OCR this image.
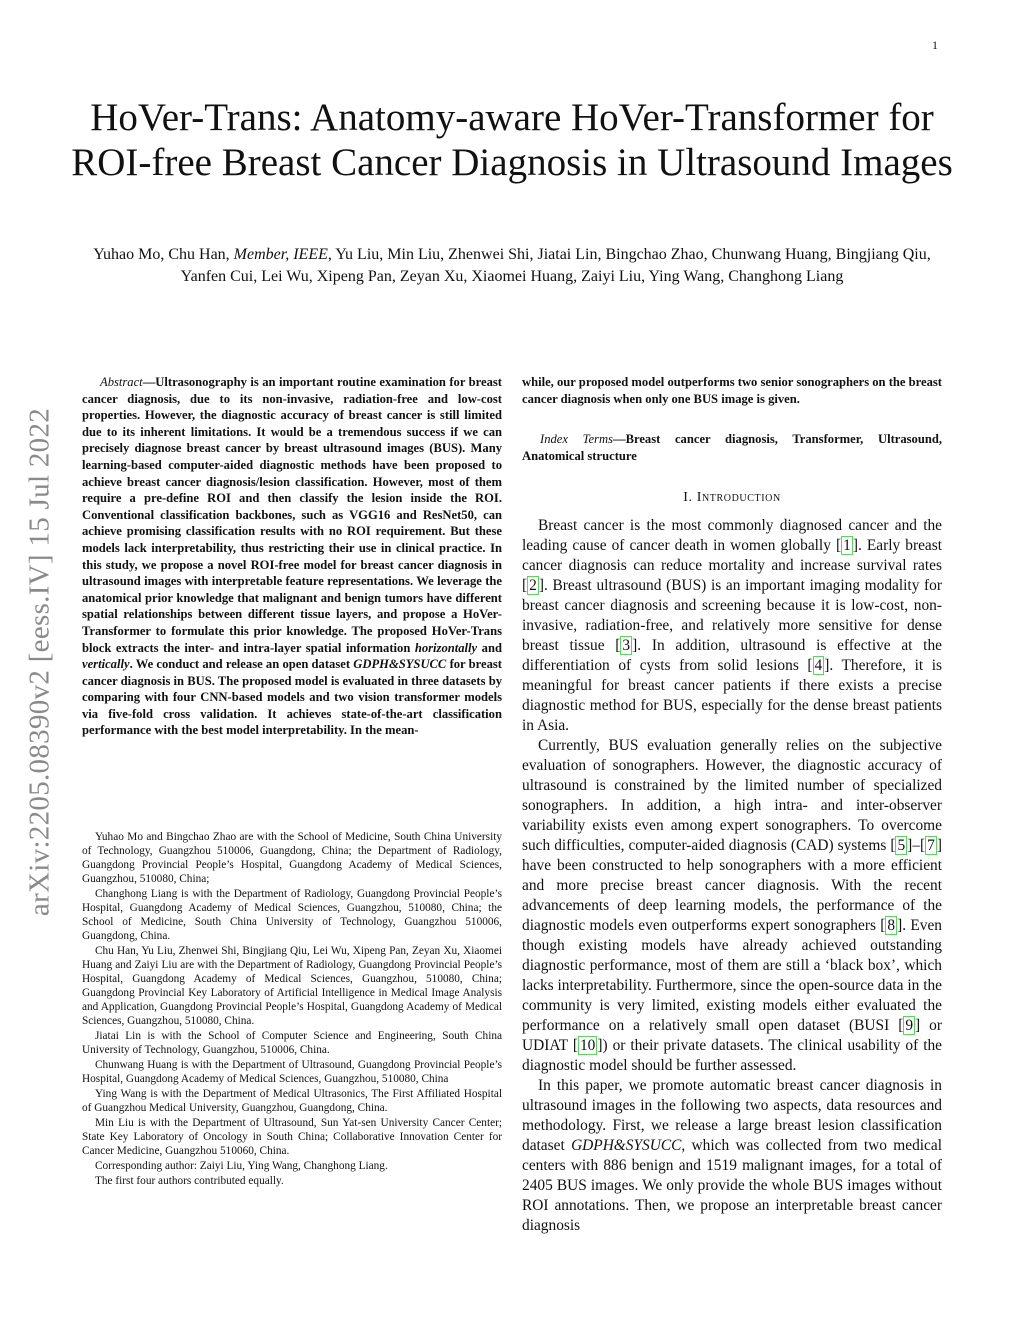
1
HoVer-Trans: Anatomy-aware HoVer-Transformer for ROI-free Breast Cancer Diagnosis in Ultrasound Images
Yuhao Mo, Chu Han, Member, IEEE, Yu Liu, Min Liu, Zhenwei Shi, Jiatai Lin, Bingchao Zhao, Chunwang Huang, Bingjiang Qiu, Yanfen Cui, Lei Wu, Xipeng Pan, Zeyan Xu, Xiaomei Huang, Zaiyi Liu, Ying Wang, Changhong Liang
arXiv:2205.08390v2 [eess.IV] 15 Jul 2022

Abstract—Ultrasonography is an important routine examination for breast cancer diagnosis, due to its non-invasive, radiation-free and low-cost properties. However, the diagnostic accuracy of breast cancer is still limited due to its inherent limitations. It would be a tremendous success if we can precisely diagnose breast cancer by breast ultrasound images (BUS). Many learning-based computer-aided diagnostic methods have been proposed to achieve breast cancer diagnosis/lesion classification. However, most of them require a pre-define ROI and then classify the lesion inside the ROI. Conventional classification backbones, such as VGG16 and ResNet50, can achieve promising classification results with no ROI requirement. But these models lack interpretability, thus restricting their use in clinical practice. In this study, we propose a novel ROI-free model for breast cancer diagnosis in ultrasound images with interpretable feature representations. We leverage the anatomical prior knowledge that malignant and benign tumors have different spatial relationships between different tissue layers, and propose a HoVer-Transformer to formulate this prior knowledge. The proposed HoVer-Trans block extracts the inter- and intra-layer spatial information horizontally and vertically. We conduct and release an open dataset GDPH&SYSUCC for breast cancer diagnosis in BUS. The proposed model is evaluated in three datasets by comparing with four CNN-based models and two vision transformer models via five-fold cross validation. It achieves state-of-the-art classification performance with the best model interpretability. In the mean-

Yuhao Mo and Bingchao Zhao are with the School of Medicine, South China University of Technology, Guangzhou 510006, Guangdong, China; the Department of Radiology, Guangdong Provincial People’s Hospital, Guangdong Academy of Medical Sciences, Guangzhou, 510080, China;

Changhong Liang is with the Department of Radiology, Guangdong Provincial People’s Hospital, Guangdong Academy of Medical Sciences, Guangzhou, 510080, China; the School of Medicine, South China University of Technology, Guangzhou 510006, Guangdong, China.

Chu Han, Yu Liu, Zhenwei Shi, Bingjiang Qiu, Lei Wu, Xipeng Pan, Zeyan Xu, Xiaomei Huang and Zaiyi Liu are with the Department of Radiology, Guangdong Provincial People’s Hospital, Guangdong Academy of Medical Sciences, Guangzhou, 510080, China; Guangdong Provincial Key Laboratory of Artificial Intelligence in Medical Image Analysis and Application, Guangdong Provincial People’s Hospital, Guangdong Academy of Medical Sciences, Guangzhou, 510080, China.

Jiatai Lin is with the School of Computer Science and Engineering, South China University of Technology, Guangzhou, 510006, China.

Chunwang Huang is with the Department of Ultrasound, Guangdong Provincial People’s Hospital, Guangdong Academy of Medical Sciences, Guangzhou, 510080, China

Ying Wang is with the Department of Medical Ultrasonics, The First Affiliated Hospital of Guangzhou Medical University, Guangzhou, Guangdong, China.

Min Liu is with the Department of Ultrasound, Sun Yat-sen University Cancer Center; State Key Laboratory of Oncology in South China; Collaborative Innovation Center for Cancer Medicine, Guangzhou 510060, China.

Corresponding author: Zaiyi Liu, Ying Wang, Changhong Liang.

The first four authors contributed equally.

while, our proposed model outperforms two senior sonographers on the breast cancer diagnosis when only one BUS image is given.

Index Terms—Breast cancer diagnosis, Transformer, Ultrasound, Anatomical structure

I. Introduction

Breast cancer is the most commonly diagnosed cancer and the leading cause of cancer death in women globally [ 1 ]. Early breast cancer diagnosis can reduce mortality and increase survival rates [ 2 ]. Breast ultrasound (BUS) is an important imaging modality for breast cancer diagnosis and screening because it is low-cost, non-invasive, radiation-free, and relatively more sensitive for dense breast tissue [ 3 ]. In addition, ultrasound is effective at the differentiation of cysts from solid lesions [ 4 ]. Therefore, it is meaningful for breast cancer patients if there exists a precise diagnostic method for BUS, especially for the dense breast patients in Asia.

Currently, BUS evaluation generally relies on the subjective evaluation of sonographers. However, the diagnostic accuracy of ultrasound is constrained by the limited number of specialized sonographers. In addition, a high intra- and inter-observer variability exists even among expert sonographers. To overcome such difficulties, computer-aided diagnosis (CAD) systems [ 5 ]–[ 7 ] have been constructed to help sonographers with a more efficient and more precise breast cancer diagnosis. With the recent advancements of deep learning models, the performance of the diagnostic models even outperforms expert sonographers [ 8 ]. Even though existing models have already achieved outstanding diagnostic performance, most of them are still a ‘black box’, which lacks interpretability. Furthermore, since the open-source data in the community is very limited, existing models either evaluated the performance on a relatively small open dataset (BUSI [ 9 ] or UDIAT [ 10 ]) or their private datasets. The clinical usability of the diagnostic model should be further assessed.

In this paper, we promote automatic breast cancer diagnosis in ultrasound images in the following two aspects, data resources and methodology. First, we release a large breast lesion classification dataset GDPH&SYSUCC, which was collected from two medical centers with 886 benign and 1519 malignant images, for a total of 2405 BUS images. We only provide the whole BUS images without ROI annotations. Then, we propose an interpretable breast cancer diagnosis
